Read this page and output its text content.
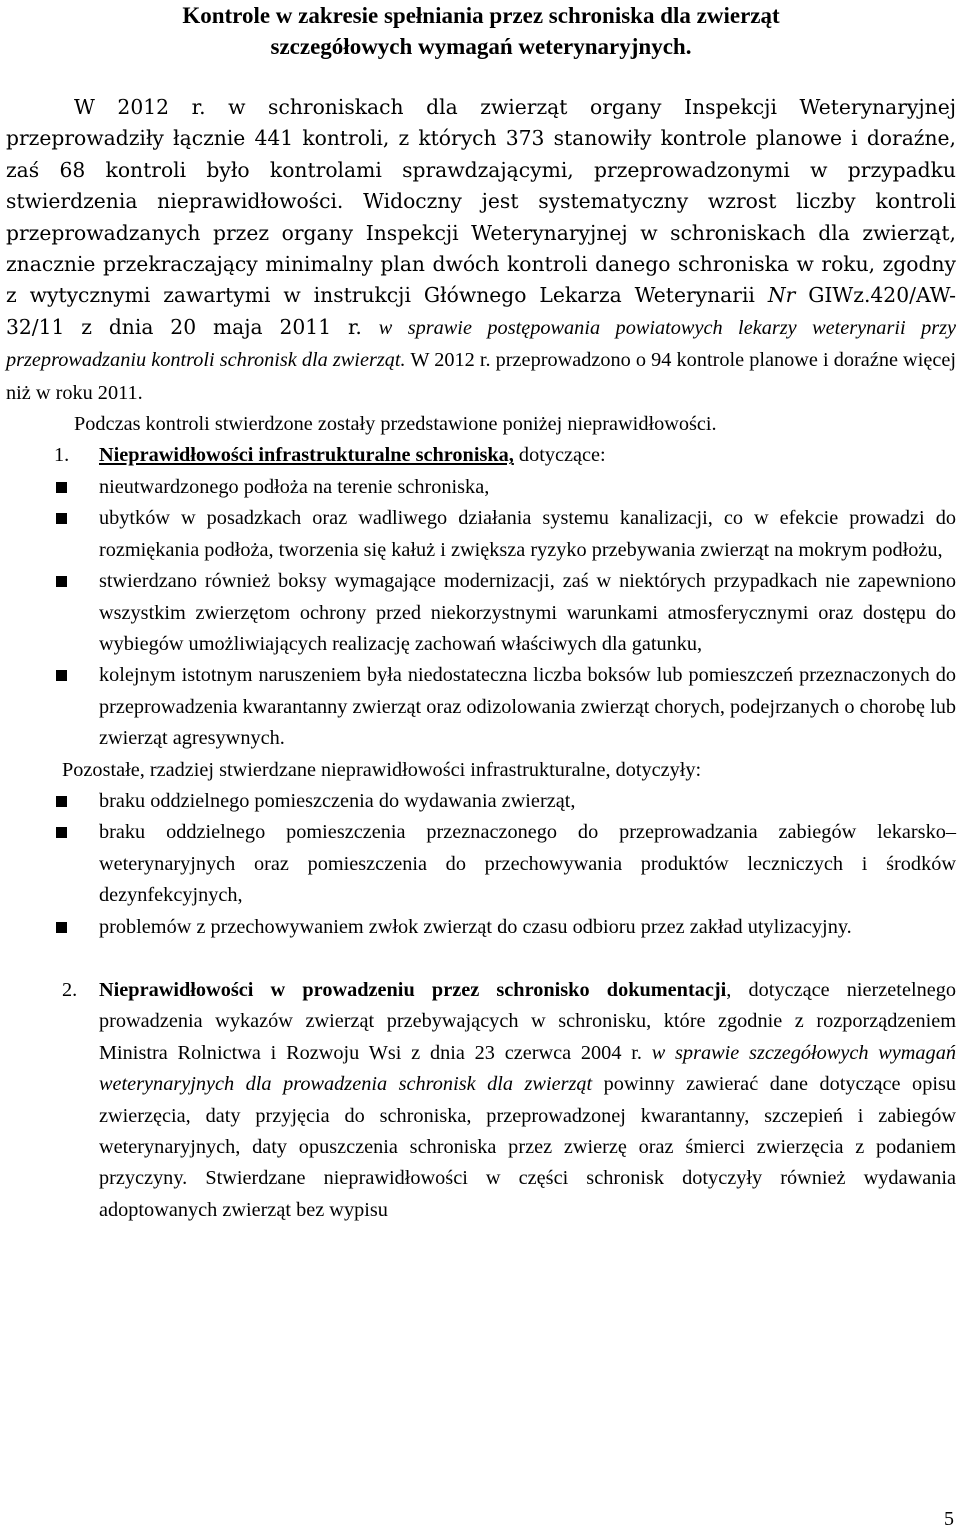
Kontrole w zakresie spełniania przez schroniska dla zwierząt
szczegółowych wymagań weterynaryjnych.

W 2012 r. w schroniskach dla zwierząt organy Inspekcji Weterynaryjnej przeprowadziły łącznie 441 kontroli, z których 373 stanowiły kontrole planowe i doraźne, zaś 68 kontroli było kontrolami sprawdzającymi, przeprowadzonymi w przypadku stwierdzenia nieprawidłowości. Widoczny jest systematyczny wzrost liczby kontroli przeprowadzanych przez organy Inspekcji Weterynaryjnej w schroniskach dla zwierząt, znacznie przekraczający minimalny plan dwóch kontroli danego schroniska w roku, zgodny z wytycznymi zawartymi w instrukcji Głównego Lekarza Weterynarii Nr GIWz.420/AW-32/11 z dnia 20 maja 2011 r. w sprawie postępowania powiatowych lekarzy weterynarii przy przeprowadzaniu kontroli schronisk dla zwierząt. W 2012 r. przeprowadzono o 94 kontrole planowe i doraźne więcej niż w roku 2011.

Podczas kontroli stwierdzone zostały przedstawione poniżej nieprawidłowości.

1. Nieprawidłowości infrastrukturalne schroniska, dotyczące:
nieutwardzonego podłoża na terenie schroniska,
ubytków w posadzkach oraz wadliwego działania systemu kanalizacji, co w efekcie prowadzi do rozmiękania podłoża, tworzenia się kałuż i zwiększa ryzyko przebywania zwierząt na mokrym podłożu,
stwierdzano również boksy wymagające modernizacji, zaś w niektórych przypadkach nie zapewniono wszystkim zwierzętom ochrony przed niekorzystnymi warunkami atmosferycznymi oraz dostępu do wybiegów umożliwiających realizację zachowań właściwych dla gatunku,
kolejnym istotnym naruszeniem była niedostateczna liczba boksów lub pomieszczeń przeznaczonych do przeprowadzenia kwarantanny zwierząt oraz odizolowania zwierząt chorych, podejrzanych o chorobę lub zwierząt agresywnych.

Pozostałe, rzadziej stwierdzane nieprawidłowości infrastrukturalne, dotyczyły:

braku oddzielnego pomieszczenia do wydawania zwierząt,
braku oddzielnego pomieszczenia przeznaczonego do przeprowadzania zabiegów lekarsko–weterynaryjnych oraz pomieszczenia do przechowywania produktów leczniczych i środków dezynfekcyjnych,
problemów z przechowywaniem zwłok zwierząt do czasu odbioru przez zakład utylizacyjny.
2. Nieprawidłowości w prowadzeniu przez schronisko dokumentacji, dotyczące nierzetelnego prowadzenia wykazów zwierząt przebywających w schronisku, które zgodnie z rozporządzeniem Ministra Rolnictwa i Rozwoju Wsi z dnia 23 czerwca 2004 r. w sprawie szczegółowych wymagań weterynaryjnych dla prowadzenia schronisk dla zwierząt powinny zawierać dane dotyczące opisu zwierzęcia, daty przyjęcia do schroniska, przeprowadzonej kwarantanny, szczepień i zabiegów weterynaryjnych, daty opuszczenia schroniska przez zwierzę oraz śmierci zwierzęcia z podaniem przyczyny. Stwierdzane nieprawidłowości w części schronisk dotyczyły również wydawania adoptowanych zwierząt bez wypisu
5
